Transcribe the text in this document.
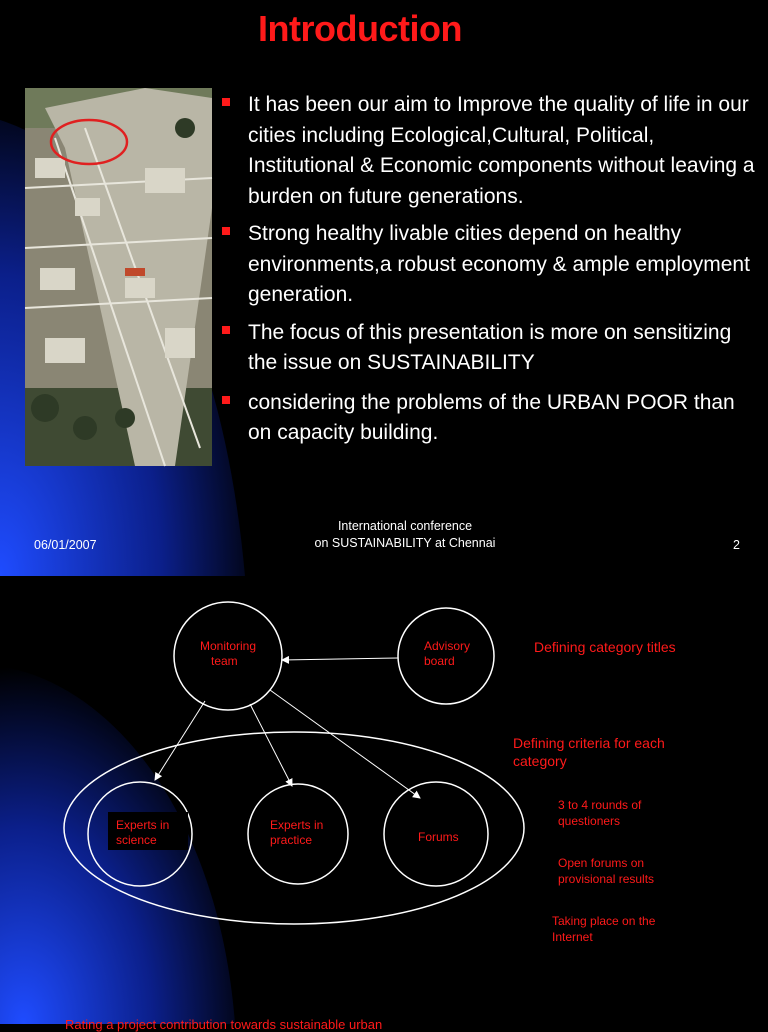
Introduction
It has been our aim to Improve the quality of life in our cities including Ecological,Cultural, Political, Institutional & Economic components without leaving a burden on future generations.
Strong healthy livable cities depend on healthy environments,a robust economy & ample employment generation.
The focus of this presentation is more on sensitizing the issue on SUSTAINABILITY
considering the problems of the URBAN POOR than on capacity building.
06/01/2007
International conference
on SUSTAINABILITY at Chennai	2
Monitoring
team
Advisory
board
Experts in
science
Experts in
practice	Forums
Defining category titles
Defining criteria for each category
3 to 4 rounds of questioners
Open forums on provisional results
Taking place on the Internet
Rating a project contribution towards sustainable urban
